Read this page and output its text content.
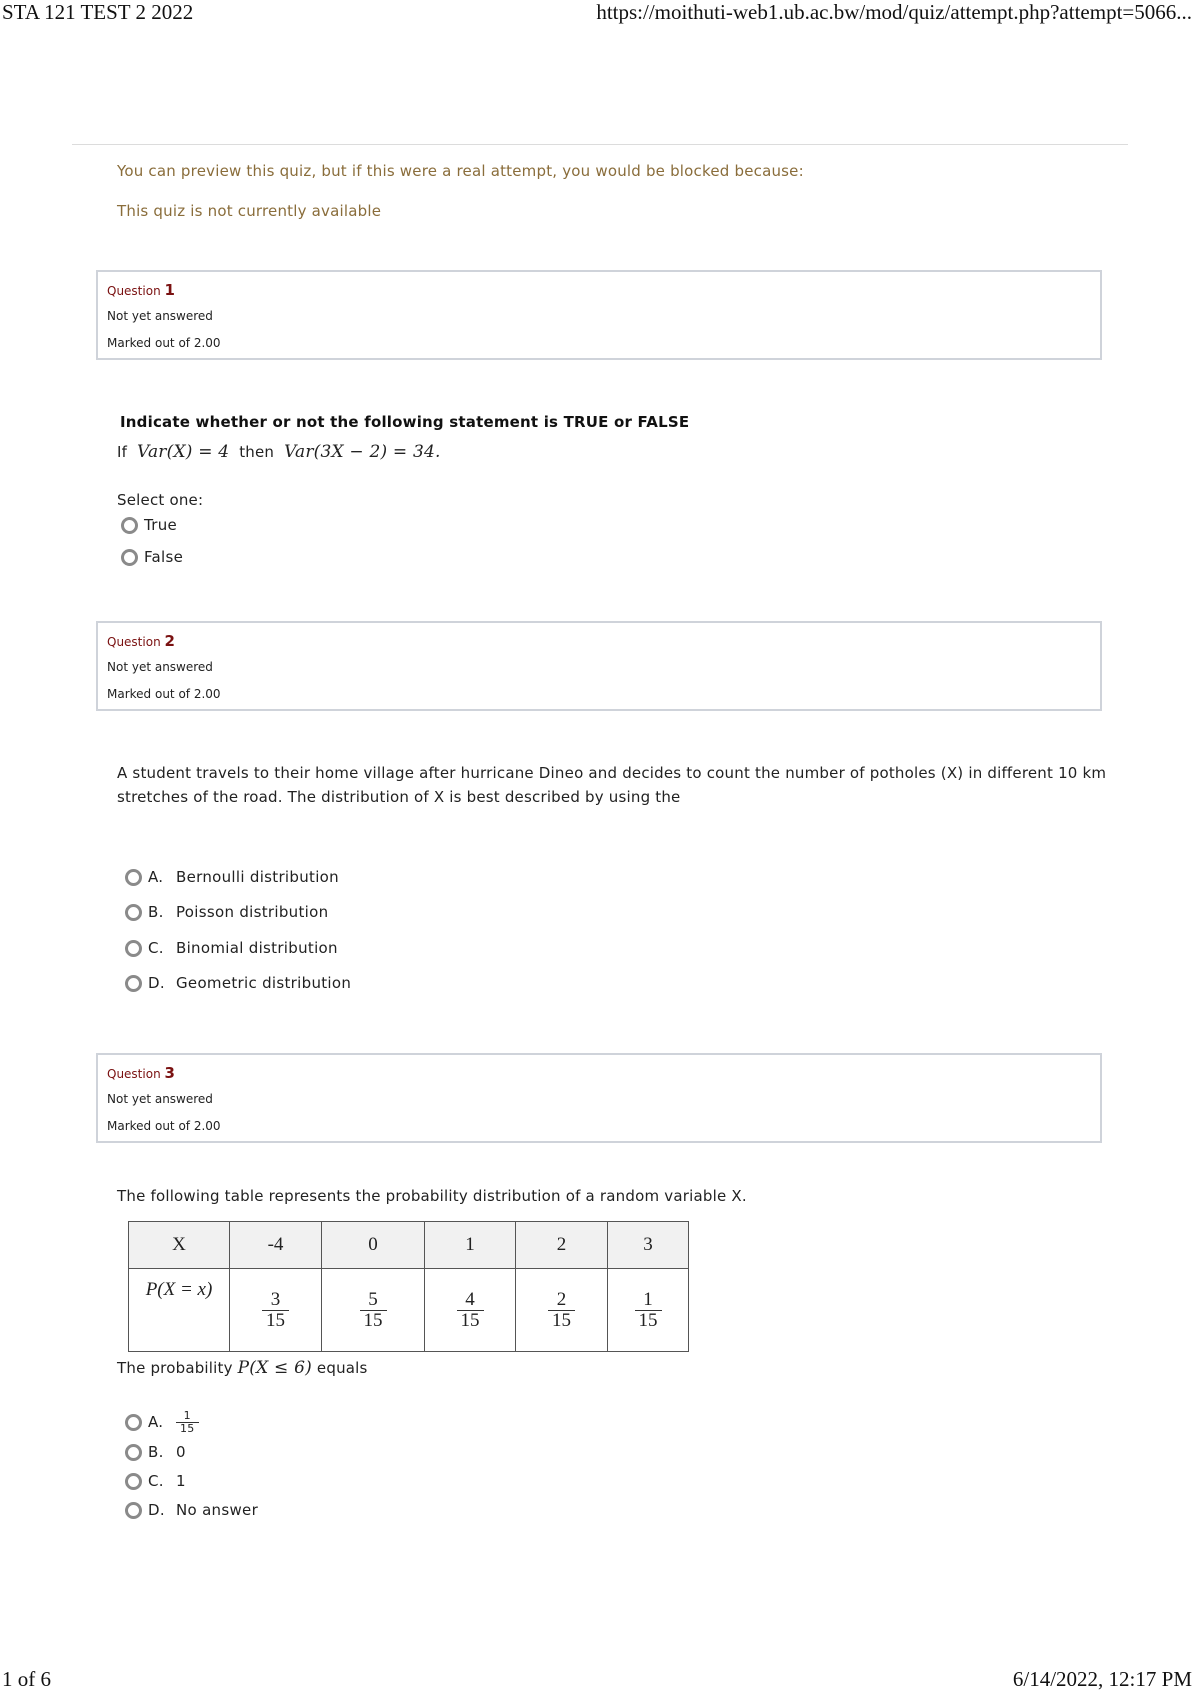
STA 121 TEST 2 2022	https://moithuti-web1.ub.ac.bw/mod/quiz/attempt.php?attempt=5066...
You can preview this quiz, but if this were a real attempt, you would be blocked because:
This quiz is not currently available
Question 1
Not yet answered
Marked out of 2.00
Indicate whether or not the following statement is TRUE or FALSE
If Var(X) = 4 then Var(3X − 2) = 34.
Select one:
True
False
Question 2
Not yet answered
Marked out of 2.00
A student travels to their home village after hurricane Dineo and decides to count the number of potholes (X) in different 10 km
stretches of the road. The distribution of X is best described by using the
A. Bernoulli distribution
B. Poisson distribution
C. Binomial distribution
D. Geometric distribution
Question 3
Not yet answered
Marked out of 2.00
The following table represents the probability distribution of a random variable X.
X	-4	0	1	2	3
P(X = x)	$\frac{3}{15}$	$\frac{5}{15}$	$\frac{4}{15}$	$\frac{2}{15}$	$\frac{1}{15}$
The probability P(X ≤ 6) equals
A.	$\frac{1}{15}$
B. 0
C. 1
D. No answer
1 of 6	6/14/2022, 12:17 PM
